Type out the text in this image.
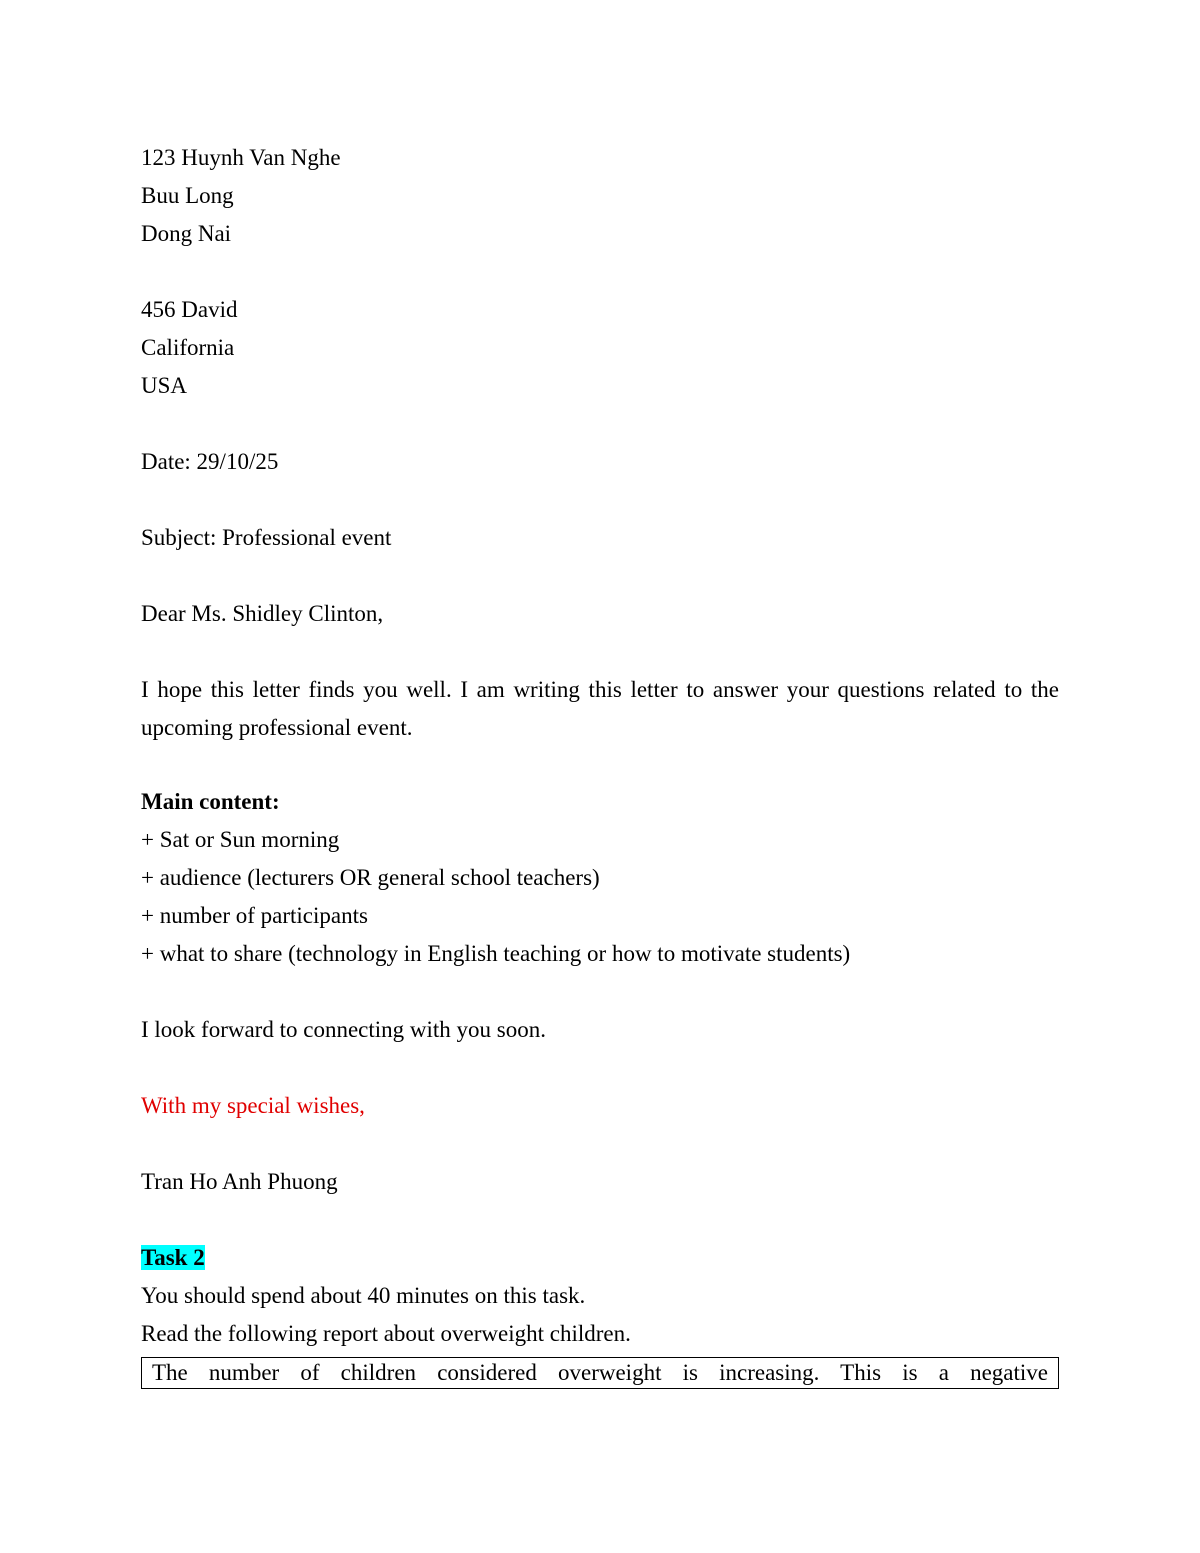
123 Huynh Van Nghe
Buu Long
Dong Nai
456 David
California
USA
Date: 29/10/25
Subject: Professional event
Dear Ms. Shidley Clinton,
I hope this letter finds you well. I am writing this letter to answer your questions related to the upcoming professional event.
Main content:
+ Sat or Sun morning
+ audience (lecturers OR general school teachers)
+ number of participants
+ what to share (technology in English teaching or how to motivate students)
I look forward to connecting with you soon.
With my special wishes,
Tran Ho Anh Phuong
Task 2
You should spend about 40 minutes on this task.
Read the following report about overweight children.
The number of children considered overweight is increasing. This is a negative
